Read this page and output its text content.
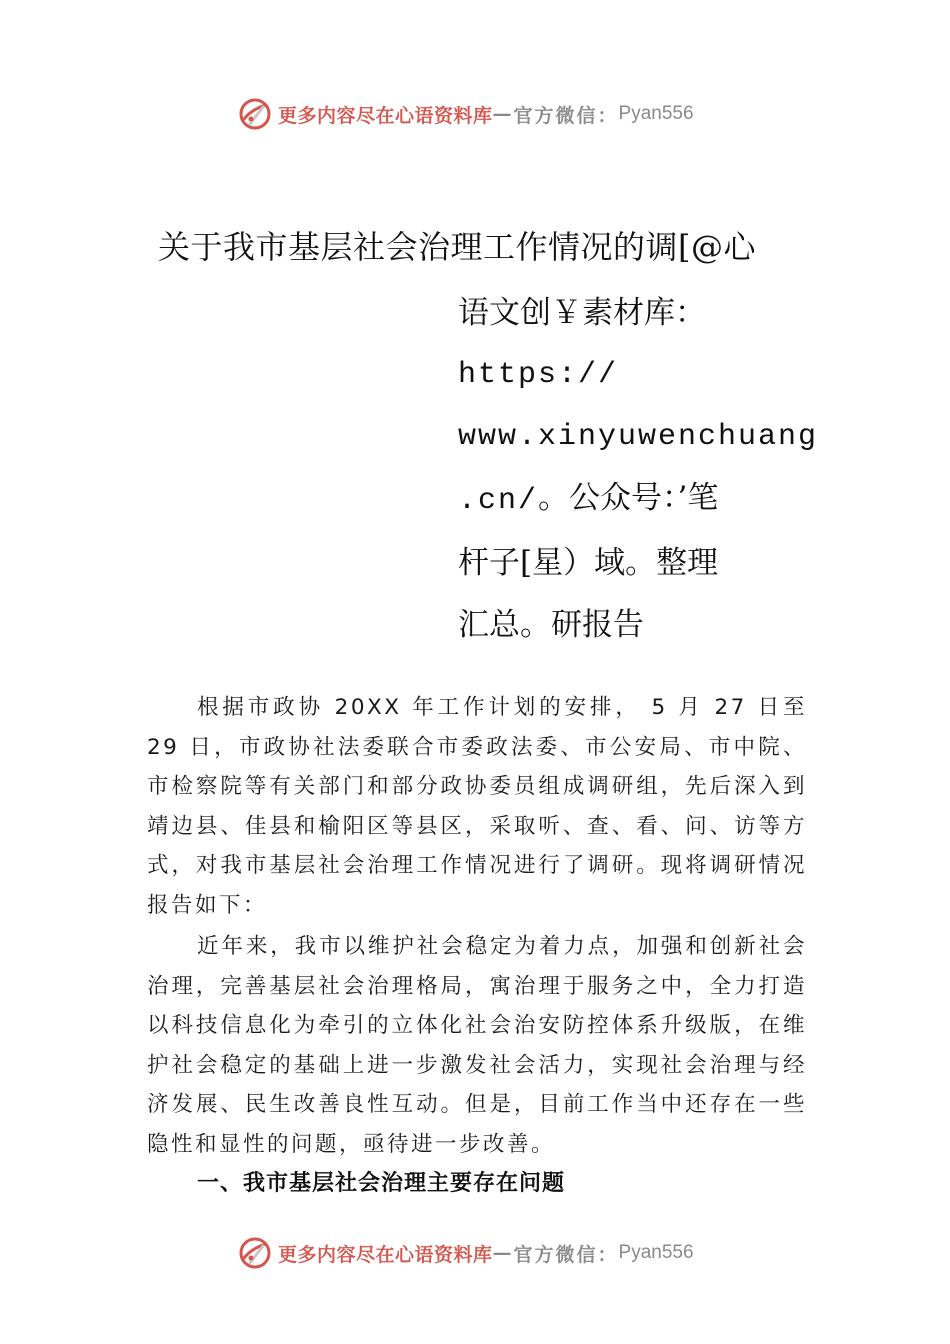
更多内容尽在心语资料库 — 官方微信： Pyan556
关于我市基层社会治理工作情况的调[@心
语文创￥素材库：
https://
www.xinyuwenchuang
.cn/。公众号：’笔
杆子[星）域。整理
汇总。研报告

根据市政协 20XX 年工作计划的安排， 5 月 27 日至 29 日，市政协社法委联合市委政法委、市公安局、市中院、市检察院等有关部门和部分政协委员组成调研组，先后深入到靖边县、佳县和榆阳区等县区，采取听、查、看、问、访等方式，对我市基层社会治理工作情况进行了调研。现将调研情况报告如下：

近年来，我市以维护社会稳定为着力点，加强和创新社会治理，完善基层社会治理格局，寓治理于服务之中，全力打造以科技信息化为牵引的立体化社会治安防控体系升级版，在维护社会稳定的基础上进一步激发社会活力，实现社会治理与经济发展、民生改善良性互动。但是，目前工作当中还存在一些隐性和显性的问题，亟待进一步改善。

一、我市基层社会治理主要存在问题
更多内容尽在心语资料库 — 官方微信： Pyan556
